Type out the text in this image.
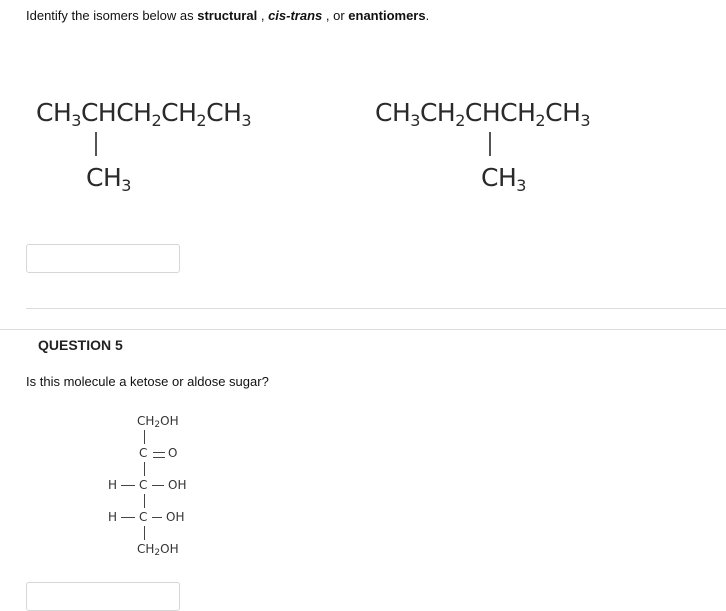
Identify the isomers below as structural , cis-trans , or enantiomers.
$CH_3CHCH_2CH_2CH_3$
$CH_3$
$CH_3CH_2CHCH_2CH_3$
$CH_3$
QUESTION 5
Is this molecule a ketose or aldose sugar?
$CH_2OH$
C O
H C OH
H C OH
$CH_2OH$
